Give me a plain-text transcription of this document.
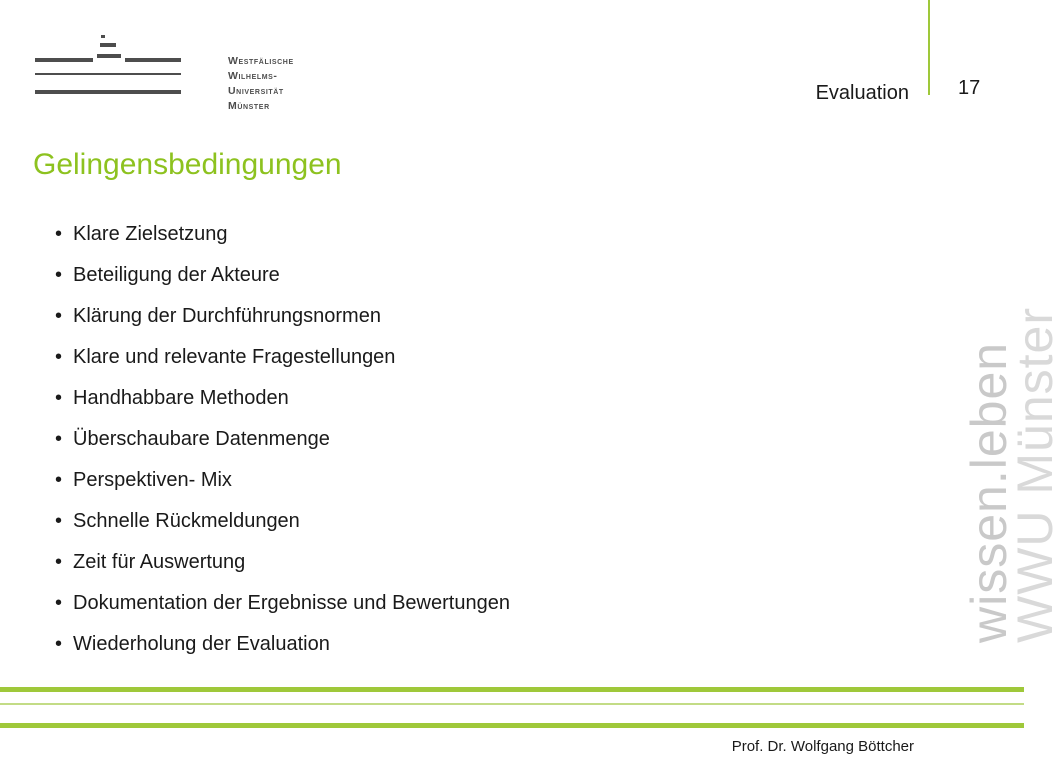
Westfälische
Wilhelms-Universität
Münster
Evaluation 17
Gelingensbedingungen
• Klare Zielsetzung
• Beteiligung der Akteure
• Klärung der Durchführungsnormen
• Klare und relevante Fragestellungen
• Handhabbare Methoden
• Überschaubare Datenmenge
• Perspektiven- Mix
• Schnelle Rückmeldungen
• Zeit für Auswertung
• Dokumentation der Ergebnisse und Bewertungen
• Wiederholung der Evaluation
wissen.leben
WWU Münster
Prof. Dr. Wolfgang Böttcher
